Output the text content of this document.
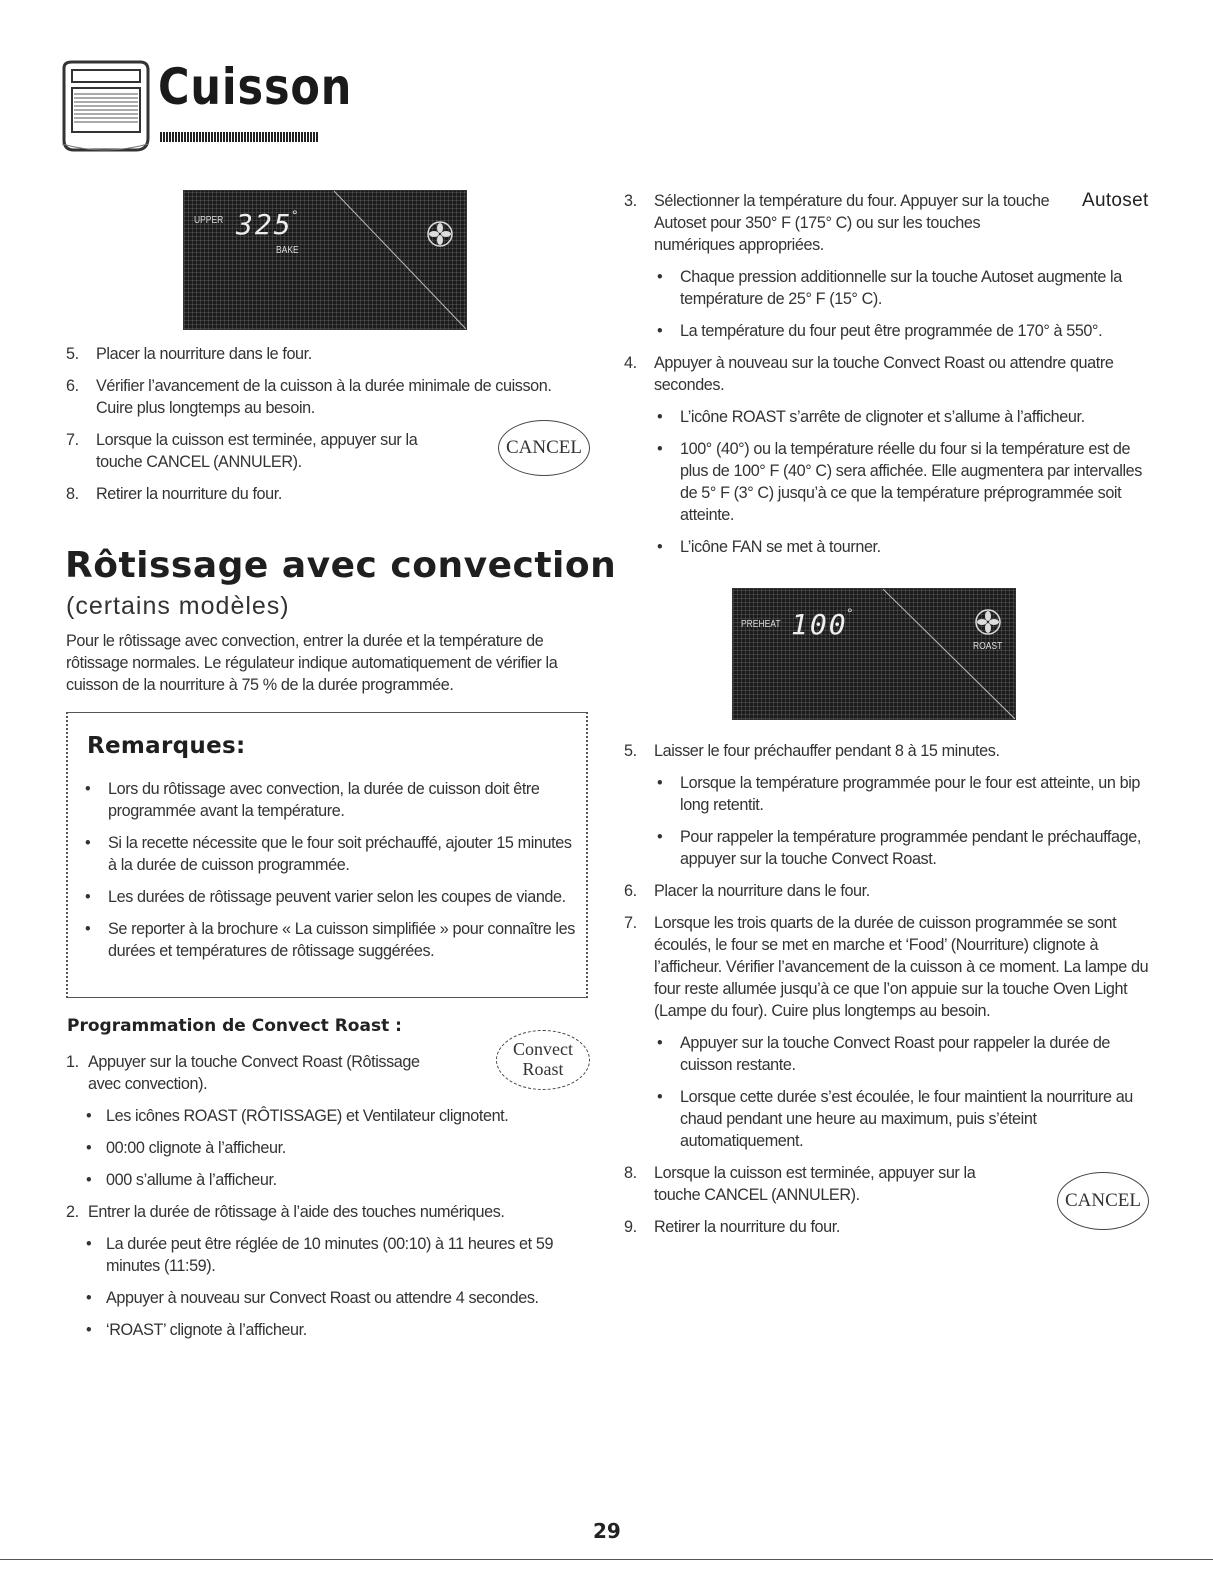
Cuisson
UPPER 325 °
BAKE
5. Placer la nourriture dans le four.
6. Vérifier l’avancement de la cuisson à la durée minimale de cuisson. Cuire plus longtemps au besoin.
7. Lorsque la cuisson est terminée, appuyer sur la touche CANCEL (ANNULER).
8. Retirer la nourriture du four.
CANCEL
Rôtissage avec convection
(certains modèles)
Pour le rôtissage avec convection, entrer la durée et la température de rôtissage normales. Le régulateur indique automatiquement de vérifier la cuisson de la nourriture à 75 % de la durée programmée.
Remarques:
• Lors du rôtissage avec convection, la durée de cuisson doit être programmée avant la température.
• Si la recette nécessite que le four soit préchauffé, ajouter 15 minutes à la durée de cuisson programmée.
• Les durées de rôtissage peuvent varier selon les coupes de viande.
• Se reporter à la brochure « La cuisson simplifiée » pour connaître les durées et températures de rôtissage suggérées.
Programmation de Convect Roast :
Convect
Roast
1. Appuyer sur la touche Convect Roast (Rôtissage avec convection).
• Les icônes ROAST (RÔTISSAGE) et Ventilateur clignotent.
• 00:00 clignote à l’afficheur.
• 000 s’allume à l’afficheur.
2. Entrer la durée de rôtissage à l’aide des touches numériques.
• La durée peut être réglée de 10 minutes (00:10) à 11 heures et 59 minutes (11:59).
• Appuyer à nouveau sur Convect Roast ou attendre 4 secondes.
• ‘ROAST’ clignote à l’afficheur.
Autoset
3. Sélectionner la température du four. Appuyer sur la touche Autoset pour 350° F (175° C) ou sur les touches numériques appropriées.
• Chaque pression additionnelle sur la touche Autoset augmente la température de 25° F (15° C).
• La température du four peut être programmée de 170° à 550°.
4. Appuyer à nouveau sur la touche Convect Roast ou attendre quatre secondes.
• L’icône ROAST s’arrête de clignoter et s’allume à l’afficheur.
• 100° (40°) ou la température réelle du four si la température est de plus de 100° F (40° C) sera affichée. Elle augmentera par intervalles de 5° F (3° C) jusqu’à ce que la température préprogrammée soit atteinte.
• L’icône FAN se met à tourner.
PREHEAT 100 °
ROAST
5. Laisser le four préchauffer pendant 8 à 15 minutes.
• Lorsque la température programmée pour le four est atteinte, un bip long retentit.
• Pour rappeler la température programmée pendant le préchauffage, appuyer sur la touche Convect Roast.
6. Placer la nourriture dans le four.
7. Lorsque les trois quarts de la durée de cuisson programmée se sont écoulés, le four se met en marche et ‘Food’ (Nourriture) clignote à l’afficheur. Vérifier l’avancement de la cuisson à ce moment. La lampe du four reste allumée jusqu’à ce que l’on appuie sur la touche Oven Light (Lampe du four). Cuire plus longtemps au besoin.
• Appuyer sur la touche Convect Roast pour rappeler la durée de cuisson restante.
• Lorsque cette durée s’est écoulée, le four maintient la nourriture au chaud pendant une heure au maximum, puis s’éteint automatiquement.
8. Lorsque la cuisson est terminée, appuyer sur la touche CANCEL (ANNULER).
9. Retirer la nourriture du four.
CANCEL
29
